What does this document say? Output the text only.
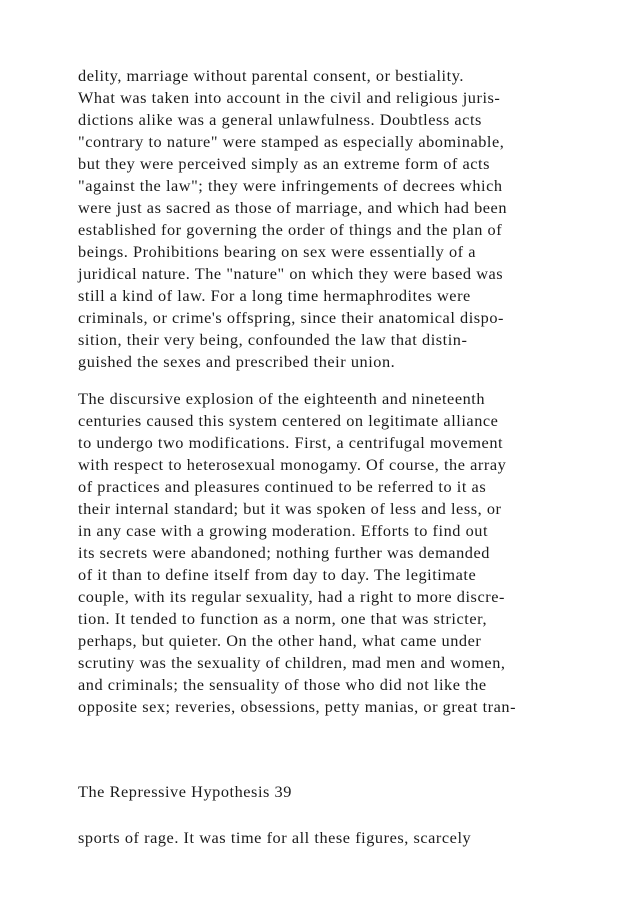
delity, marriage without parental consent, or bestiality.

What was taken into account in the civil and religious juris-

dictions alike was a general unlawfulness. Doubtless acts

"contrary to nature" were stamped as especially abominable,

but they were perceived simply as an extreme form of acts

"against the law"; they were infringements of decrees which

were just as sacred as those of marriage, and which had been

established for governing the order of things and the plan of

beings. Prohibitions bearing on sex were essentially of a

juridical nature. The "nature" on which they were based was

still a kind of law. For a long time hermaphrodites were

criminals, or crime's offspring, since their anatomical dispo-

sition, their very being, confounded the law that distin-

guished the sexes and prescribed their union.

The discursive explosion of the eighteenth and nineteenth

centuries caused this system centered on legitimate alliance

to undergo two modifications. First, a centrifugal movement

with respect to heterosexual monogamy. Of course, the array

of practices and pleasures continued to be referred to it as

their internal standard; but it was spoken of less and less, or

in any case with a growing moderation. Efforts to find out

its secrets were abandoned; nothing further was demanded

of it than to define itself from day to day. The legitimate

couple, with its regular sexuality, had a right to more discre-

tion. It tended to function as a norm, one that was stricter,

perhaps, but quieter. On the other hand, what came under

scrutiny was the sexuality of children, mad men and women,

and criminals; the sensuality of those who did not like the

opposite sex; reveries, obsessions, petty manias, or great tran-

The Repressive Hypothesis 39

sports of rage. It was time for all these figures, scarcely
